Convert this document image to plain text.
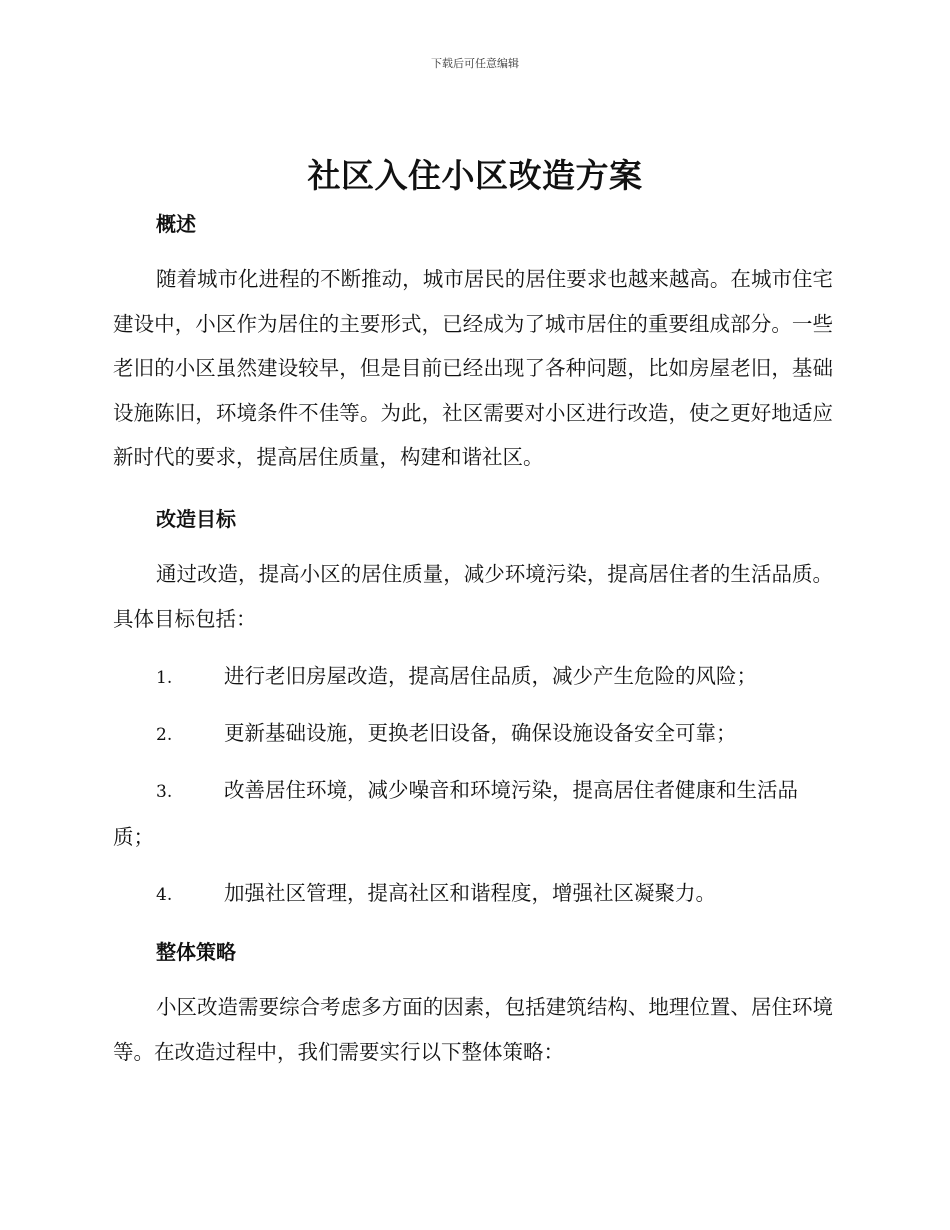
下载后可任意编辑
社区入住小区改造方案
概述

随着城市化进程的不断推动，城市居民的居住要求也越来越高。在城市住宅建设中，小区作为居住的主要形式，已经成为了城市居住的重要组成部分。一些老旧的小区虽然建设较早，但是目前已经出现了各种问题，比如房屋老旧，基础设施陈旧，环境条件不佳等。为此，社区需要对小区进行改造，使之更好地适应新时代的要求，提高居住质量，构建和谐社区。

改造目标

通过改造，提高小区的居住质量，减少环境污染，提高居住者的生活品质。具体目标包括：

1.	进行老旧房屋改造，提高居住品质，减少产生危险的风险；
2.	更新基础设施，更换老旧设备，确保设施设备安全可靠；
3.	改善居住环境，减少噪音和环境污染，提高居住者健康和生活品质；
4.	加强社区管理，提高社区和谐程度，增强社区凝聚力。
整体策略

小区改造需要综合考虑多方面的因素，包括建筑结构、地理位置、居住环境等。在改造过程中，我们需要实行以下整体策略：
